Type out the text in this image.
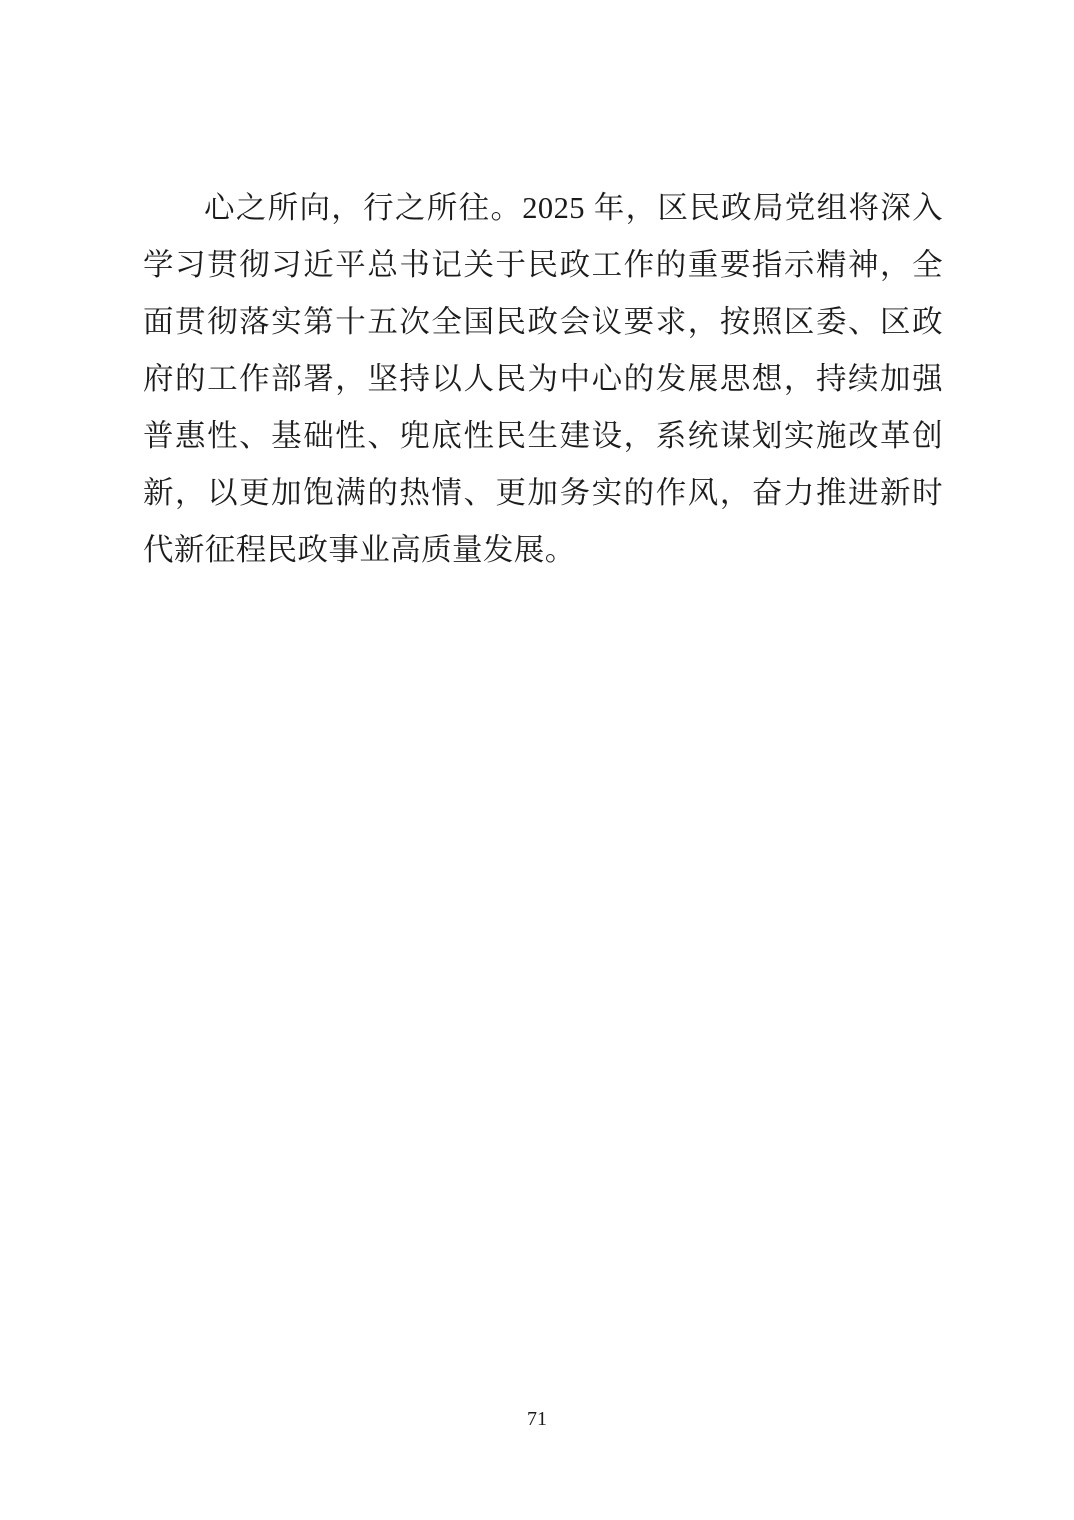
心之所向，行之所往。2025 年，区民政局党组将深入学习贯彻习近平总书记关于民政工作的重要指示精神，全面贯彻落实第十五次全国民政会议要求，按照区委、区政府的工作部署，坚持以人民为中心的发展思想，持续加强普惠性、基础性、兜底性民生建设，系统谋划实施改革创新，以更加饱满的热情、更加务实的作风，奋力推进新时代新征程民政事业高质量发展。

71
